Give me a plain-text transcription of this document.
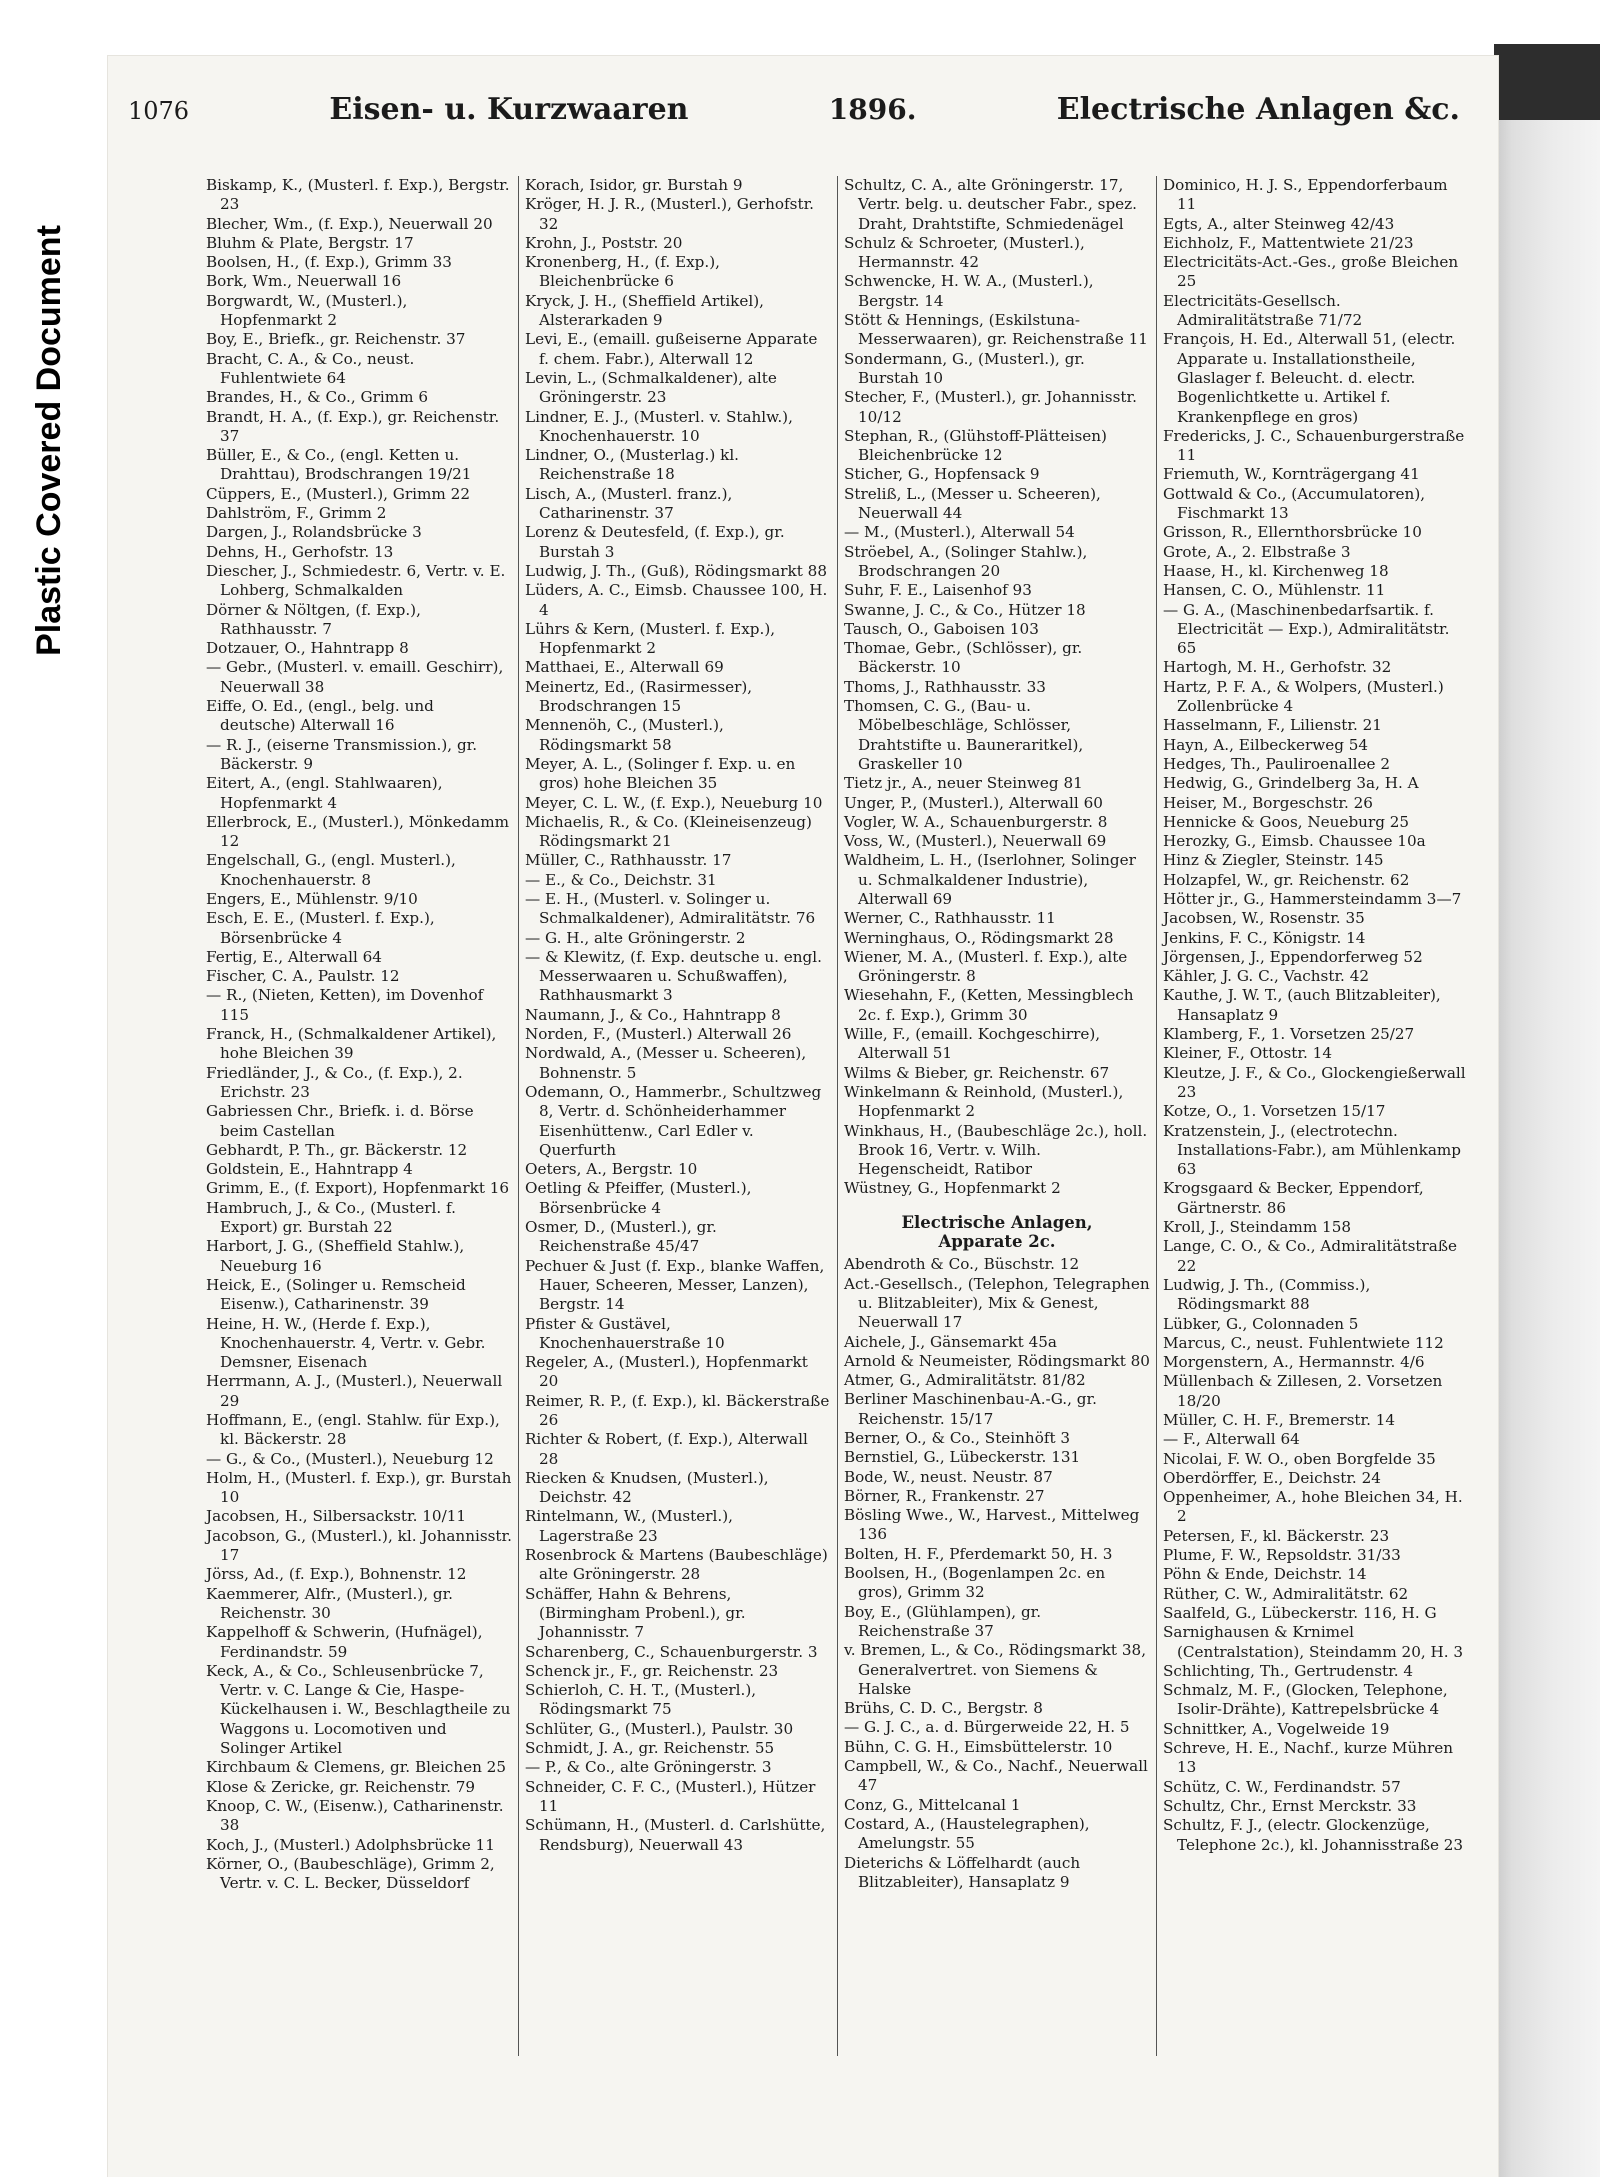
Plastic Covered Document
1076	Eisen- u. Kurzwaaren	1896.	Electrische Anlagen &c.
Biskamp, K., (Musterl. f. Exp.), Bergstr. 23
Blecher, Wm., (f. Exp.), Neuerwall 20
Bluhm & Plate, Bergstr. 17
Boolsen, H., (f. Exp.), Grimm 33
Bork, Wm., Neuerwall 16
Borgwardt, W., (Musterl.), Hopfenmarkt 2
Boy, E., Briefk., gr. Reichenstr. 37
Bracht, C. A., & Co., neust. Fuhlentwiete 64
Brandes, H., & Co., Grimm 6
Brandt, H. A., (f. Exp.), gr. Reichenstr. 37
Büller, E., & Co., (engl. Ketten u. Drahttau), Brodschrangen 19/21
Cüppers, E., (Musterl.), Grimm 22
Dahlström, F., Grimm 2
Dargen, J., Rolandsbrücke 3
Dehns, H., Gerhofstr. 13
Diescher, J., Schmiedestr. 6, Vertr. v. E. Lohberg, Schmalkalden
Dörner & Nöltgen, (f. Exp.), Rathhausstr. 7
Dotzauer, O., Hahntrapp 8
— Gebr., (Musterl. v. emaill. Geschirr), Neuerwall 38
Eiffe, O. Ed., (engl., belg. und deutsche) Alterwall 16
— R. J., (eiserne Transmission.), gr. Bäckerstr. 9
Eitert, A., (engl. Stahlwaaren), Hopfenmarkt 4
Ellerbrock, E., (Musterl.), Mönkedamm 12
Engelschall, G., (engl. Musterl.), Knochenhauerstr. 8
Engers, E., Mühlenstr. 9/10
Esch, E. E., (Musterl. f. Exp.), Börsenbrücke 4
Fertig, E., Alterwall 64
Fischer, C. A., Paulstr. 12
— R., (Nieten, Ketten), im Dovenhof 115
Franck, H., (Schmalkaldener Artikel), hohe Bleichen 39
Friedländer, J., & Co., (f. Exp.), 2. Erichstr. 23
Gabriessen Chr., Briefk. i. d. Börse beim Castellan
Gebhardt, P. Th., gr. Bäckerstr. 12
Goldstein, E., Hahntrapp 4
Grimm, E., (f. Export), Hopfenmarkt 16
Hambruch, J., & Co., (Musterl. f. Export) gr. Burstah 22
Harbort, J. G., (Sheffield Stahlw.), Neueburg 16
Heick, E., (Solinger u. Remscheid Eisenw.), Catharinenstr. 39
Heine, H. W., (Herde f. Exp.), Knochenhauerstr. 4, Vertr. v. Gebr. Demsner, Eisenach
Herrmann, A. J., (Musterl.), Neuerwall 29
Hoffmann, E., (engl. Stahlw. für Exp.), kl. Bäckerstr. 28
— G., & Co., (Musterl.), Neueburg 12
Holm, H., (Musterl. f. Exp.), gr. Burstah 10
Jacobsen, H., Silbersackstr. 10/11
Jacobson, G., (Musterl.), kl. Johannisstr. 17
Jörss, Ad., (f. Exp.), Bohnenstr. 12
Kaemmerer, Alfr., (Musterl.), gr. Reichenstr. 30
Kappelhoff & Schwerin, (Hufnägel), Ferdinandstr. 59
Keck, A., & Co., Schleusenbrücke 7, Vertr. v. C. Lange & Cie, Haspe-Kückelhausen i. W., Beschlagtheile zu Waggons u. Locomotiven und Solinger Artikel
Kirchbaum & Clemens, gr. Bleichen 25
Klose & Zericke, gr. Reichenstr. 79
Knoop, C. W., (Eisenw.), Catharinenstr. 38
Koch, J., (Musterl.) Adolphsbrücke 11
Körner, O., (Baubeschläge), Grimm 2, Vertr. v. C. L. Becker, Düsseldorf
Korach, Isidor, gr. Burstah 9
Kröger, H. J. R., (Musterl.), Gerhofstr. 32
Krohn, J., Poststr. 20
Kronenberg, H., (f. Exp.), Bleichenbrücke 6
Kryck, J. H., (Sheffield Artikel), Alsterarkaden 9
Levi, E., (emaill. gußeiserne Apparate f. chem. Fabr.), Alterwall 12
Levin, L., (Schmalkaldener), alte Gröningerstr. 23
Lindner, E. J., (Musterl. v. Stahlw.), Knochenhauerstr. 10
Lindner, O., (Musterlag.) kl. Reichenstraße 18
Lisch, A., (Musterl. franz.), Catharinenstr. 37
Lorenz & Deutesfeld, (f. Exp.), gr. Burstah 3
Ludwig, J. Th., (Guß), Rödingsmarkt 88
Lüders, A. C., Eimsb. Chaussee 100, H. 4
Lührs & Kern, (Musterl. f. Exp.), Hopfenmarkt 2
Matthaei, E., Alterwall 69
Meinertz, Ed., (Rasirmesser), Brodschrangen 15
Mennenöh, C., (Musterl.), Rödingsmarkt 58
Meyer, A. L., (Solinger f. Exp. u. en gros) hohe Bleichen 35
Meyer, C. L. W., (f. Exp.), Neueburg 10
Michaelis, R., & Co. (Kleineisenzeug) Rödingsmarkt 21
Müller, C., Rathhausstr. 17
— E., & Co., Deichstr. 31
— E. H., (Musterl. v. Solinger u. Schmalkaldener), Admiralitätstr. 76
— G. H., alte Gröningerstr. 2
— & Klewitz, (f. Exp. deutsche u. engl. Messerwaaren u. Schußwaffen), Rathhausmarkt 3
Naumann, J., & Co., Hahntrapp 8
Norden, F., (Musterl.) Alterwall 26
Nordwald, A., (Messer u. Scheeren), Bohnenstr. 5
Odemann, O., Hammerbr., Schultzweg 8, Vertr. d. Schönheiderhammer Eisenhüttenw., Carl Edler v. Querfurth
Oeters, A., Bergstr. 10
Oetling & Pfeiffer, (Musterl.), Börsenbrücke 4
Osmer, D., (Musterl.), gr. Reichenstraße 45/47
Pechuer & Just (f. Exp., blanke Waffen, Hauer, Scheeren, Messer, Lanzen), Bergstr. 14
Pfister & Gustävel, Knochenhauerstraße 10
Regeler, A., (Musterl.), Hopfenmarkt 20
Reimer, R. P., (f. Exp.), kl. Bäckerstraße 26
Richter & Robert, (f. Exp.), Alterwall 28
Riecken & Knudsen, (Musterl.), Deichstr. 42
Rintelmann, W., (Musterl.), Lagerstraße 23
Rosenbrock & Martens (Baubeschläge) alte Gröningerstr. 28
Schäffer, Hahn & Behrens, (Birmingham Probenl.), gr. Johannisstr. 7
Scharenberg, C., Schauenburgerstr. 3
Schenck jr., F., gr. Reichenstr. 23
Schierloh, C. H. T., (Musterl.), Rödingsmarkt 75
Schlüter, G., (Musterl.), Paulstr. 30
Schmidt, J. A., gr. Reichenstr. 55
— P., & Co., alte Gröningerstr. 3
Schneider, C. F. C., (Musterl.), Hützer 11
Schümann, H., (Musterl. d. Carlshütte, Rendsburg), Neuerwall 43
Schultz, C. A., alte Gröningerstr. 17, Vertr. belg. u. deutscher Fabr., spez. Draht, Drahtstifte, Schmiedenägel
Schulz & Schroeter, (Musterl.), Hermannstr. 42
Schwencke, H. W. A., (Musterl.), Bergstr. 14
Stött & Hennings, (Eskilstuna-Messerwaaren), gr. Reichenstraße 11
Sondermann, G., (Musterl.), gr. Burstah 10
Stecher, F., (Musterl.), gr. Johannisstr. 10/12
Stephan, R., (Glühstoff-Plätteisen) Bleichenbrücke 12
Sticher, G., Hopfensack 9
Streliß, L., (Messer u. Scheeren), Neuerwall 44
— M., (Musterl.), Alterwall 54
Ströebel, A., (Solinger Stahlw.), Brodschrangen 20
Suhr, F. E., Laisenhof 93
Swanne, J. C., & Co., Hützer 18
Tausch, O., Gaboisen 103
Thomae, Gebr., (Schlösser), gr. Bäckerstr. 10
Thoms, J., Rathhausstr. 33
Thomsen, C. G., (Bau- u. Möbelbeschläge, Schlösser, Drahtstifte u. Bauneraritkel), Graskeller 10
Tietz jr., A., neuer Steinweg 81
Unger, P., (Musterl.), Alterwall 60
Vogler, W. A., Schauenburgerstr. 8
Voss, W., (Musterl.), Neuerwall 69
Waldheim, L. H., (Iserlohner, Solinger u. Schmalkaldener Industrie), Alterwall 69
Werner, C., Rathhausstr. 11
Werninghaus, O., Rödingsmarkt 28
Wiener, M. A., (Musterl. f. Exp.), alte Gröningerstr. 8
Wiesehahn, F., (Ketten, Messingblech 2c. f. Exp.), Grimm 30
Wille, F., (emaill. Kochgeschirre), Alterwall 51
Wilms & Bieber, gr. Reichenstr. 67
Winkelmann & Reinhold, (Musterl.), Hopfenmarkt 2
Winkhaus, H., (Baubeschläge 2c.), holl. Brook 16, Vertr. v. Wilh. Hegenscheidt, Ratibor
Wüstney, G., Hopfenmarkt 2
Electrische Anlagen,
Apparate 2c.
Abendroth & Co., Büschstr. 12
Act.-Gesellsch., (Telephon, Telegraphen u. Blitzableiter), Mix & Genest, Neuerwall 17
Aichele, J., Gänsemarkt 45a
Arnold & Neumeister, Rödingsmarkt 80
Atmer, G., Admiralitätstr. 81/82
Berliner Maschinenbau-A.-G., gr. Reichenstr. 15/17
Berner, O., & Co., Steinhöft 3
Bernstiel, G., Lübeckerstr. 131
Bode, W., neust. Neustr. 87
Börner, R., Frankenstr. 27
Bösling Wwe., W., Harvest., Mittelweg 136
Bolten, H. F., Pferdemarkt 50, H. 3
Boolsen, H., (Bogenlampen 2c. en gros), Grimm 32
Boy, E., (Glühlampen), gr. Reichenstraße 37
v. Bremen, L., & Co., Rödingsmarkt 38, Generalvertret. von Siemens & Halske
Brühs, C. D. C., Bergstr. 8
— G. J. C., a. d. Bürgerweide 22, H. 5
Bühn, C. G. H., Eimsbüttelerstr. 10
Campbell, W., & Co., Nachf., Neuerwall 47
Conz, G., Mittelcanal 1
Costard, A., (Haustelegraphen), Amelungstr. 55
Dieterichs & Löffelhardt (auch Blitzableiter), Hansaplatz 9
Dominico, H. J. S., Eppendorferbaum 11
Egts, A., alter Steinweg 42/43
Eichholz, F., Mattentwiete 21/23
Electricitäts-Act.-Ges., große Bleichen 25
Electricitäts-Gesellsch. Admiralitätstraße 71/72
François, H. Ed., Alterwall 51, (electr. Apparate u. Installationstheile, Glaslager f. Beleucht. d. electr. Bogenlichtkette u. Artikel f. Krankenpflege en gros)
Fredericks, J. C., Schauenburgerstraße 11
Friemuth, W., Kornträgergang 41
Gottwald & Co., (Accumulatoren), Fischmarkt 13
Grisson, R., Ellernthorsbrücke 10
Grote, A., 2. Elbstraße 3
Haase, H., kl. Kirchenweg 18
Hansen, C. O., Mühlenstr. 11
— G. A., (Maschinenbedarfsartik. f. Electricität — Exp.), Admiralitätstr. 65
Hartogh, M. H., Gerhofstr. 32
Hartz, P. F. A., & Wolpers, (Musterl.) Zollenbrücke 4
Hasselmann, F., Lilienstr. 21
Hayn, A., Eilbeckerweg 54
Hedges, Th., Pauliroenallee 2
Hedwig, G., Grindelberg 3a, H. A
Heiser, M., Borgeschstr. 26
Hennicke & Goos, Neueburg 25
Herozky, G., Eimsb. Chaussee 10a
Hinz & Ziegler, Steinstr. 145
Holzapfel, W., gr. Reichenstr. 62
Hötter jr., G., Hammersteindamm 3—7
Jacobsen, W., Rosenstr. 35
Jenkins, F. C., Königstr. 14
Jörgensen, J., Eppendorferweg 52
Kähler, J. G. C., Vachstr. 42
Kauthe, J. W. T., (auch Blitzableiter), Hansaplatz 9
Klamberg, F., 1. Vorsetzen 25/27
Kleiner, F., Ottostr. 14
Kleutze, J. F., & Co., Glockengießerwall 23
Kotze, O., 1. Vorsetzen 15/17
Kratzenstein, J., (electrotechn. Installations-Fabr.), am Mühlenkamp 63
Krogsgaard & Becker, Eppendorf, Gärtnerstr. 86
Kroll, J., Steindamm 158
Lange, C. O., & Co., Admiralitätstraße 22
Ludwig, J. Th., (Commiss.), Rödingsmarkt 88
Lübker, G., Colonnaden 5
Marcus, C., neust. Fuhlentwiete 112
Morgenstern, A., Hermannstr. 4/6
Müllenbach & Zillesen, 2. Vorsetzen 18/20
Müller, C. H. F., Bremerstr. 14
— F., Alterwall 64
Nicolai, F. W. O., oben Borgfelde 35
Oberdörffer, E., Deichstr. 24
Oppenheimer, A., hohe Bleichen 34, H. 2
Petersen, F., kl. Bäckerstr. 23
Plume, F. W., Repsoldstr. 31/33
Pöhn & Ende, Deichstr. 14
Rüther, C. W., Admiralitätstr. 62
Saalfeld, G., Lübeckerstr. 116, H. G
Sarnighausen & Krnimel (Centralstation), Steindamm 20, H. 3
Schlichting, Th., Gertrudenstr. 4
Schmalz, M. F., (Glocken, Telephone, Isolir-Drähte), Kattrepelsbrücke 4
Schnittker, A., Vogelweide 19
Schreve, H. E., Nachf., kurze Mühren 13
Schütz, C. W., Ferdinandstr. 57
Schultz, Chr., Ernst Merckstr. 33
Schultz, F. J., (electr. Glockenzüge, Telephone 2c.), kl. Johannisstraße 23
